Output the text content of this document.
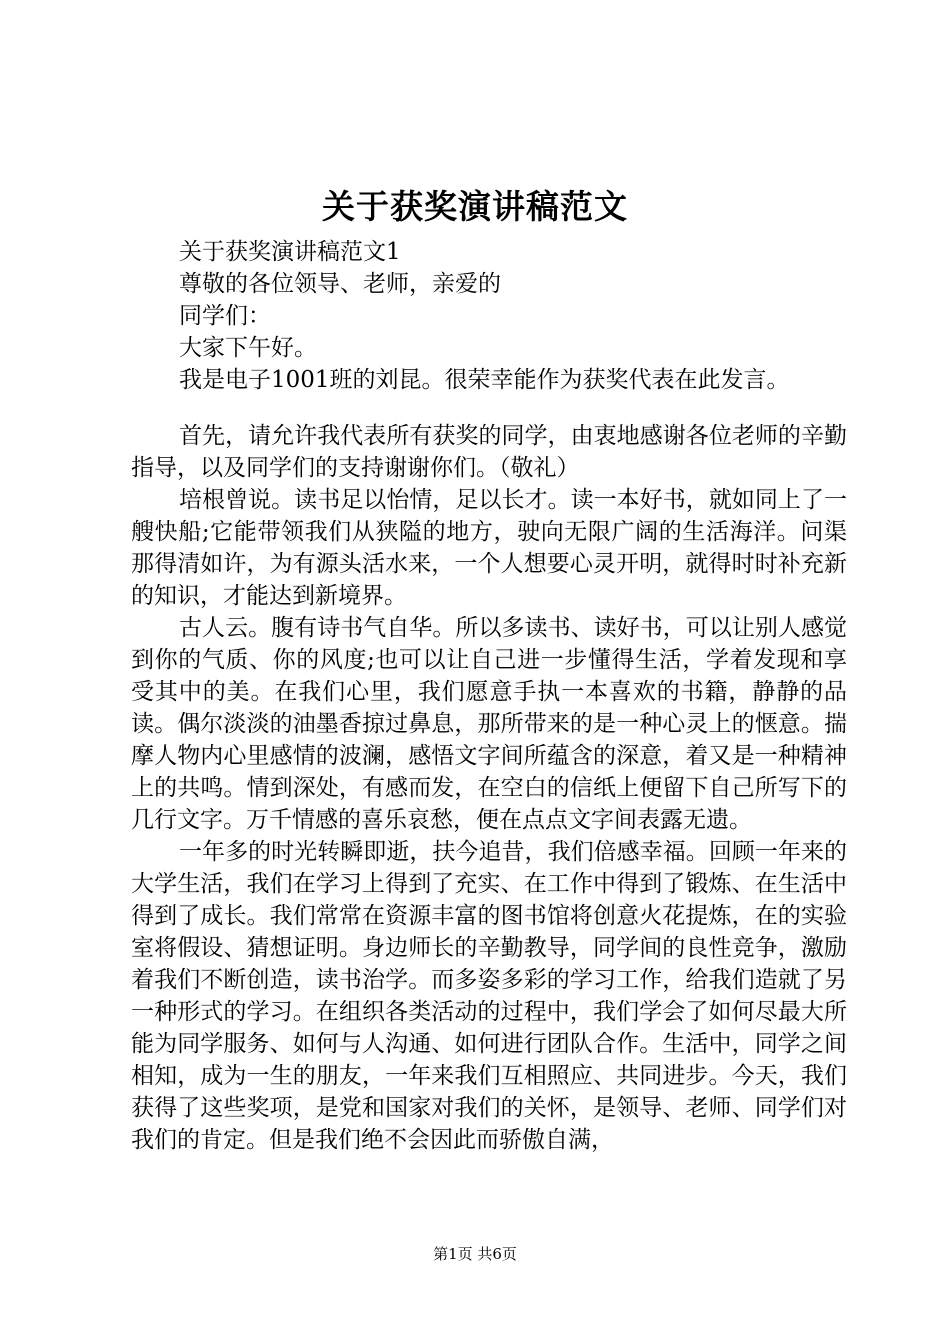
关于获奖演讲稿范文

关于获奖演讲稿范文1

尊敬的各位领导、老师，亲爱的

同学们：

大家下午好。

我是电子1001班的刘昆。很荣幸能作为获奖代表在此发言。

首先，请允许我代表所有获奖的同学，由衷地感谢各位老师的辛勤指导，以及同学们的支持谢谢你们。（敬礼）

培根曾说。读书足以怡情，足以长才。读一本好书，就如同上了一艘快船;它能带领我们从狭隘的地方，驶向无限广阔的生活海洋。问渠那得清如许，为有源头活水来，一个人想要心灵开明，就得时时补充新的知识，才能达到新境界。

古人云。腹有诗书气自华。所以多读书、读好书，可以让别人感觉到你的气质、你的风度;也可以让自己进一步懂得生活，学着发现和享受其中的美。在我们心里，我们愿意手执一本喜欢的书籍，静静的品读。偶尔淡淡的油墨香掠过鼻息，那所带来的是一种心灵上的惬意。揣摩人物内心里感情的波澜，感悟文字间所蕴含的深意，着又是一种精神上的共鸣。情到深处，有感而发，在空白的信纸上便留下自己所写下的几行文字。万千情感的喜乐哀愁，便在点点文字间表露无遗。

一年多的时光转瞬即逝，扶今追昔，我们倍感幸福。回顾一年来的大学生活，我们在学习上得到了充实、在工作中得到了锻炼、在生活中得到了成长。我们常常在资源丰富的图书馆将创意火花提炼，在的实验室将假设、猜想证明。身边师长的辛勤教导，同学间的良性竞争，激励着我们不断创造，读书治学。而多姿多彩的学习工作，给我们造就了另一种形式的学习。在组织各类活动的过程中，我们学会了如何尽最大所能为同学服务、如何与人沟通、如何进行团队合作。生活中，同学之间相知，成为一生的朋友，一年来我们互相照应、共同进步。今天，我们获得了这些奖项，是党和国家对我们的关怀，是领导、老师、同学们对我们的肯定。但是我们绝不会因此而骄傲自满，

第1页 共6页
